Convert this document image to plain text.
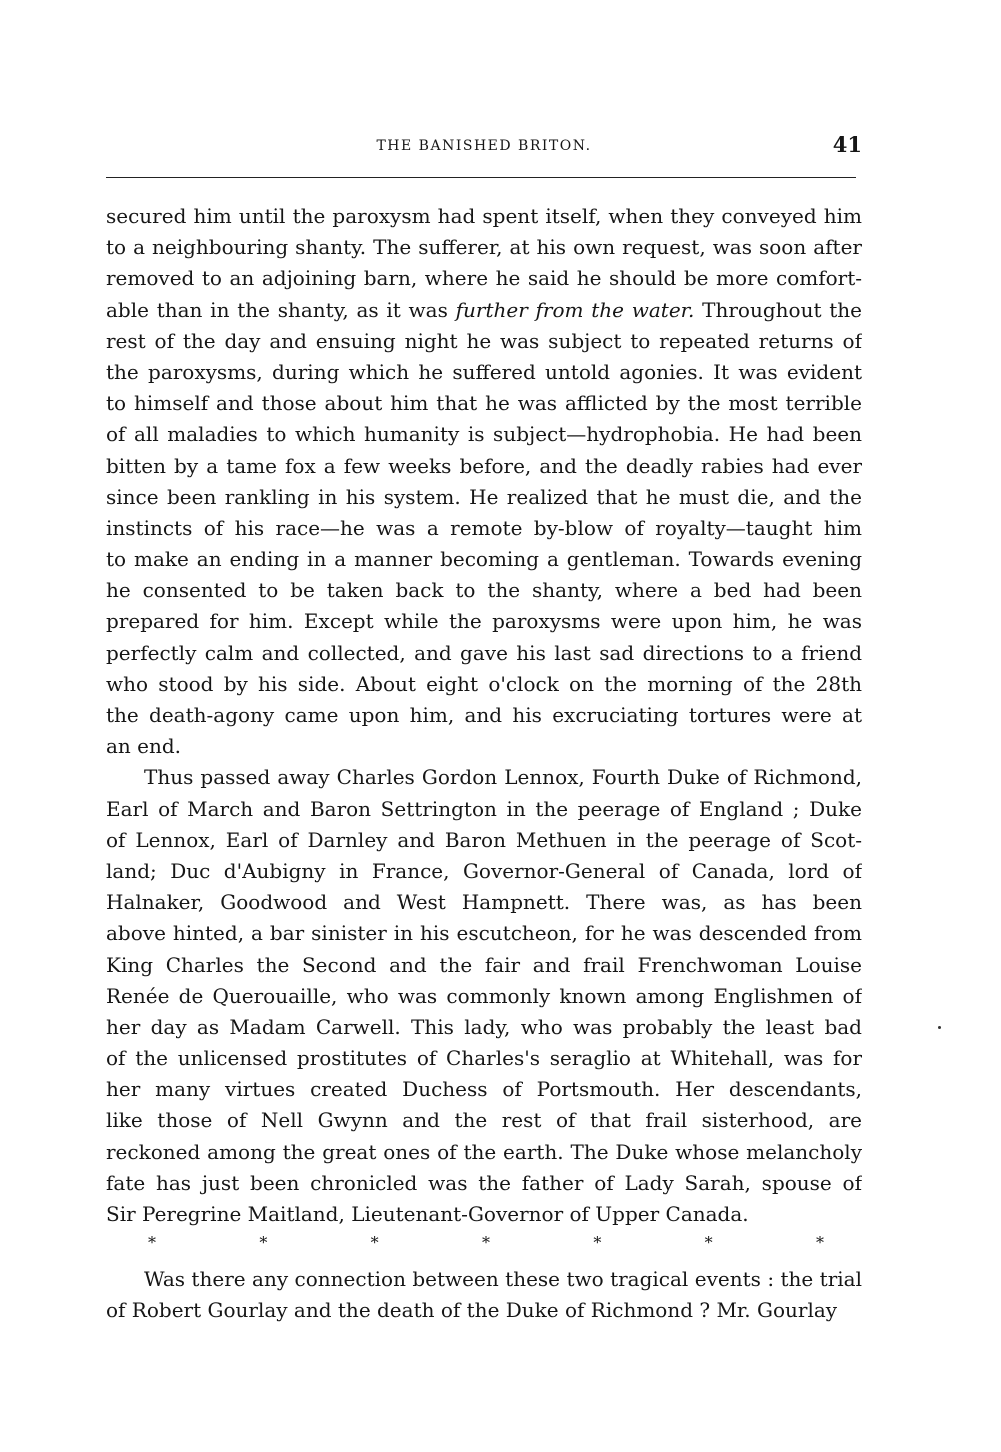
THE BANISHED BRITON.	41
secured him until the paroxysm had spent itself, when they conveyed him
to a neighbouring shanty. The sufferer, at his own request, was soon after
removed to an adjoining barn, where he said he should be more comfort-
able than in the shanty, as it was further from the water. Throughout the
rest of the day and ensuing night he was subject to repeated returns of
the paroxysms, during which he suffered untold agonies. It was evident
to himself and those about him that he was afflicted by the most terrible
of all maladies to which humanity is subject—hydrophobia. He had been
bitten by a tame fox a few weeks before, and the deadly rabies had ever
since been rankling in his system. He realized that he must die, and the
instincts of his race—he was a remote by-blow of royalty—taught him
to make an ending in a manner becoming a gentleman. Towards evening
he consented to be taken back to the shanty, where a bed had been
prepared for him. Except while the paroxysms were upon him, he was
perfectly calm and collected, and gave his last sad directions to a friend
who stood by his side. About eight o'clock on the morning of the 28th
the death-agony came upon him, and his excruciating tortures were at
an end.
Thus passed away Charles Gordon Lennox, Fourth Duke of Richmond,
Earl of March and Baron Settrington in the peerage of England ; Duke
of Lennox, Earl of Darnley and Baron Methuen in the peerage of Scot-
land; Duc d'Aubigny in France, Governor-General of Canada, lord of
Halnaker, Goodwood and West Hampnett. There was, as has been
above hinted, a bar sinister in his escutcheon, for he was descended from
King Charles the Second and the fair and frail Frenchwoman Louise
Renée de Querouaille, who was commonly known among Englishmen of
her day as Madam Carwell. This lady, who was probably the least bad
of the unlicensed prostitutes of Charles's seraglio at Whitehall, was for
her many virtues created Duchess of Portsmouth. Her descendants,
like those of Nell Gwynn and the rest of that frail sisterhood, are
reckoned among the great ones of the earth. The Duke whose melancholy
fate has just been chronicled was the father of Lady Sarah, spouse of
Sir Peregrine Maitland, Lieutenant-Governor of Upper Canada.
*	*	*	*	*	*	*
Was there any connection between these two tragical events : the trial
of Robert Gourlay and the death of the Duke of Richmond ? Mr. Gourlay
